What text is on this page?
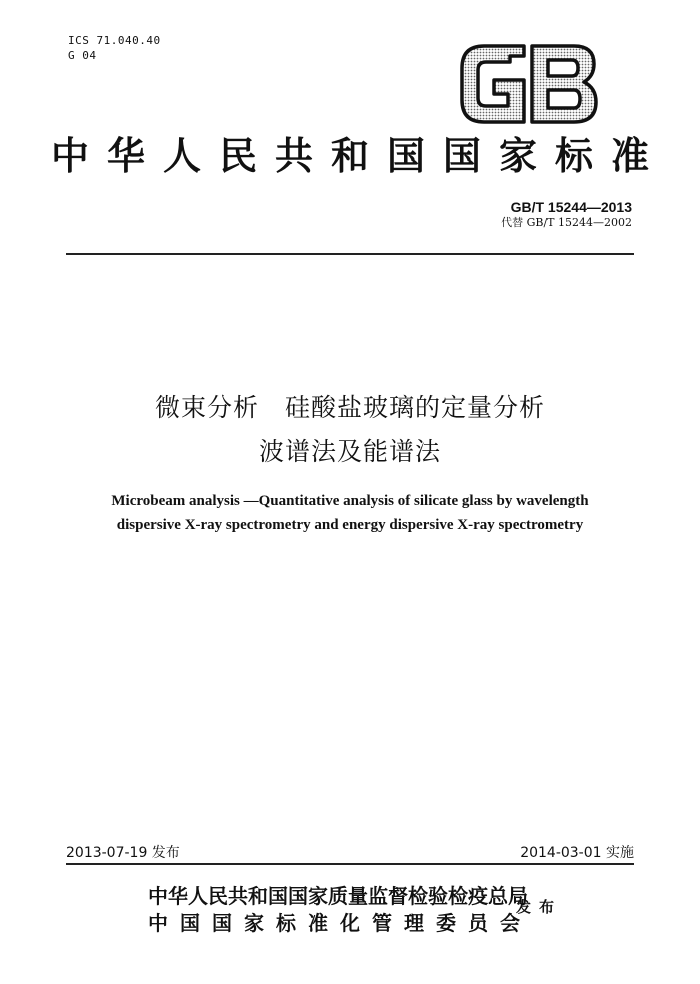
ICS 71.040.40
G 04
中华人民共和国国家标准
GB/T 15244—2013
代替 GB/T 15244—2002
微束分析　硅酸盐玻璃的定量分析
波谱法及能谱法
Microbeam analysis —Quantitative analysis of silicate glass by wavelength
dispersive X-ray spectrometry and energy dispersive X-ray spectrometry
2013-07-19 发布	2014-03-01 实施
中华人民共和国国家质量监督检验检疫总局
中国国家标准化管理委员会
发布
